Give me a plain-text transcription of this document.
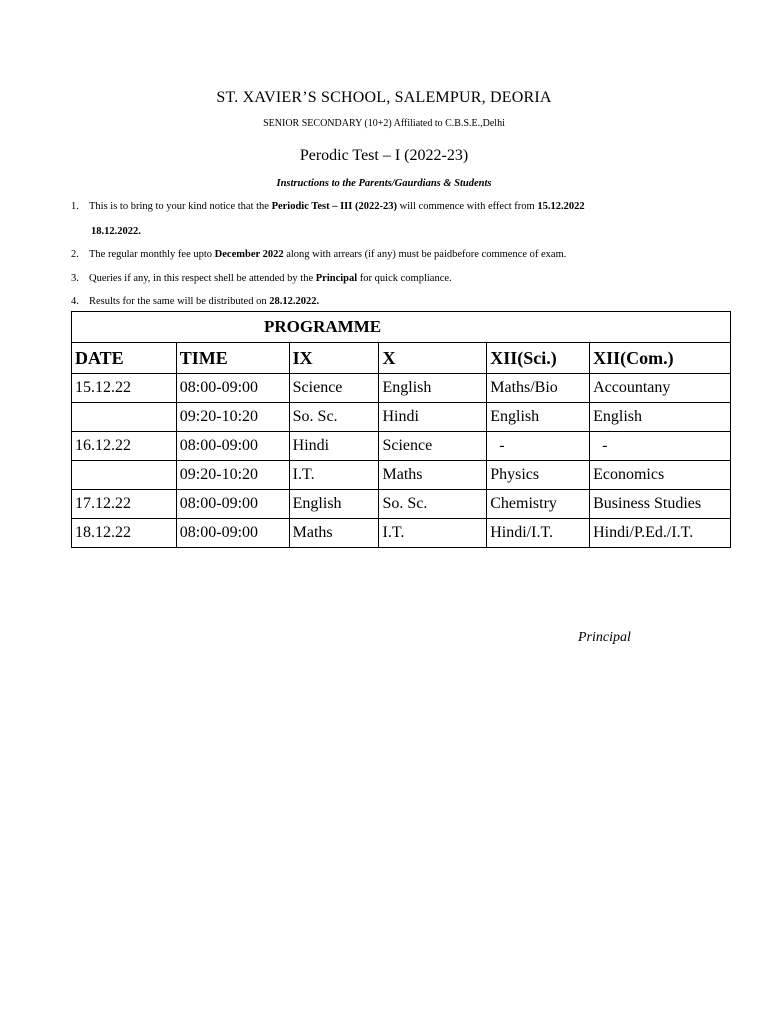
ST. XAVIER’S SCHOOL, SALEMPUR, DEORIA
SENIOR SECONDARY (10+2) Affiliated to C.B.S.E.,Delhi
Perodic Test – I (2022-23)
Instructions to the Parents/Gaurdians & Students
1. This is to bring to your kind notice that the Periodic Test – III (2022-23) will commence with effect from 15.12.2022
18.12.2022.
2. The regular monthly fee upto December 2022 along with arrears (if any) must be paidbefore commence of exam.
3. Queries if any, in this respect shell be attended by the Principal for quick compliance.
4. Results for the same will be distributed on 28.12.2022.
PROGRAMME					
DATE	TIME	IX	X	XII(Sci.)	XII(Com.)
15.12.22	08:00-09:00	Science	English	Maths/Bio	Accountany
	09:20-10:20	So. Sc.	Hindi	English	English
16.12.22	08:00-09:00	Hindi	Science	-	-
	09:20-10:20	I.T.	Maths	Physics	Economics
17.12.22	08:00-09:00	English	So. Sc.	Chemistry	Business Studies
18.12.22	08:00-09:00	Maths	I.T.	Hindi/I.T.	Hindi/P.Ed./I.T.
Principal
